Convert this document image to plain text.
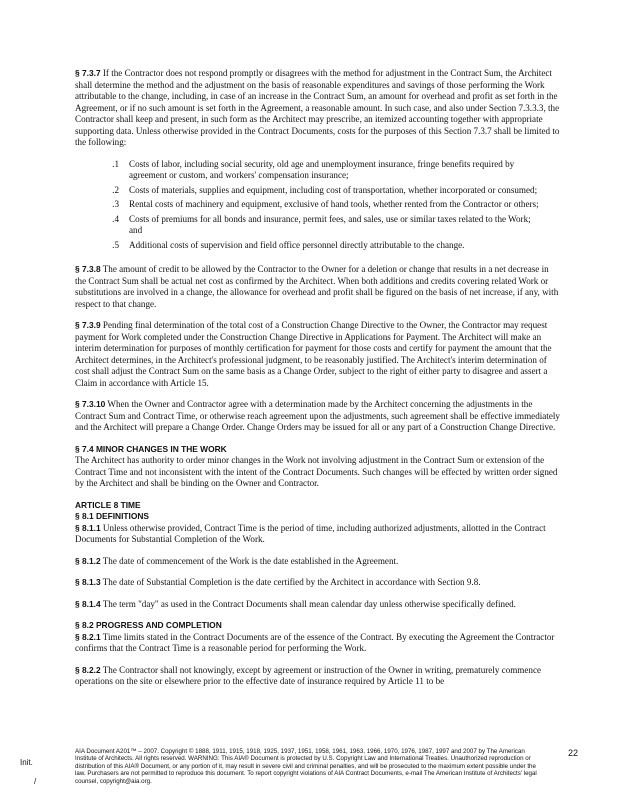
§ 7.3.7 If the Contractor does not respond promptly or disagrees with the method for adjustment in the Contract Sum, the Architect shall determine the method and the adjustment on the basis of reasonable expenditures and savings of those performing the Work attributable to the change, including, in case of an increase in the Contract Sum, an amount for overhead and profit as set forth in the Agreement, or if no such amount is set forth in the Agreement, a reasonable amount. In such case, and also under Section 7.3.3.3, the Contractor shall keep and present, in such form as the Architect may prescribe, an itemized accounting together with appropriate supporting data. Unless otherwise provided in the Contract Documents, costs for the purposes of this Section 7.3.7 shall be limited to the following:

.1	Costs of labor, including social security, old age and unemployment insurance, fringe benefits required by agreement or custom, and workers' compensation insurance;
.2	Costs of materials, supplies and equipment, including cost of transportation, whether incorporated or consumed;
.3	Rental costs of machinery and equipment, exclusive of hand tools, whether rented from the Contractor or others;
.4	Costs of premiums for all bonds and insurance, permit fees, and sales, use or similar taxes related to the Work; and
.5	Additional costs of supervision and field office personnel directly attributable to the change.

§ 7.3.8 The amount of credit to be allowed by the Contractor to the Owner for a deletion or change that results in a net decrease in the Contract Sum shall be actual net cost as confirmed by the Architect. When both additions and credits covering related Work or substitutions are involved in a change, the allowance for overhead and profit shall be figured on the basis of net increase, if any, with respect to that change.

§ 7.3.9 Pending final determination of the total cost of a Construction Change Directive to the Owner, the Contractor may request payment for Work completed under the Construction Change Directive in Applications for Payment. The Architect will make an interim determination for purposes of monthly certification for payment for those costs and certify for payment the amount that the Architect determines, in the Architect's professional judgment, to be reasonably justified. The Architect's interim determination of cost shall adjust the Contract Sum on the same basis as a Change Order, subject to the right of either party to disagree and assert a Claim in accordance with Article 15.

§ 7.3.10 When the Owner and Contractor agree with a determination made by the Architect concerning the adjustments in the Contract Sum and Contract Time, or otherwise reach agreement upon the adjustments, such agreement shall be effective immediately and the Architect will prepare a Change Order. Change Orders may be issued for all or any part of a Construction Change Directive.

§ 7.4 MINOR CHANGES IN THE WORK

The Architect has authority to order minor changes in the Work not involving adjustment in the Contract Sum or extension of the Contract Time and not inconsistent with the intent of the Contract Documents. Such changes will be effected by written order signed by the Architect and shall be binding on the Owner and Contractor.

ARTICLE 8 TIME

§ 8.1 DEFINITIONS

§ 8.1.1 Unless otherwise provided, Contract Time is the period of time, including authorized adjustments, allotted in the Contract Documents for Substantial Completion of the Work.

§ 8.1.2 The date of commencement of the Work is the date established in the Agreement.

§ 8.1.3 The date of Substantial Completion is the date certified by the Architect in accordance with Section 9.8.

§ 8.1.4 The term "day" as used in the Contract Documents shall mean calendar day unless otherwise specifically defined.

§ 8.2 PROGRESS AND COMPLETION

§ 8.2.1 Time limits stated in the Contract Documents are of the essence of the Contract. By executing the Agreement the Contractor confirms that the Contract Time is a reasonable period for performing the Work.

§ 8.2.2 The Contractor shall not knowingly, except by agreement or instruction of the Owner in writing, prematurely commence operations on the site or elsewhere prior to the effective date of insurance required by Article 11 to be

Init.
/
AIA Document A201™ – 2007. Copyright © 1888, 1911, 1915, 1918, 1925, 1937, 1951, 1958, 1961, 1963, 1966, 1970, 1976, 1987, 1997 and 2007 by The American Institute of Architects. All rights reserved. WARNING: This AIA® Document is protected by U.S. Copyright Law and International Treaties. Unauthorized reproduction or distribution of this AIA® Document, or any portion of it, may result in severe civil and criminal penalties, and will be prosecuted to the maximum extent possible under the law. Purchasers are not permitted to reproduce this document. To report copyright violations of AIA Contract Documents, e-mail The American Institute of Architects' legal counsel, copyright@aia.org.
22
